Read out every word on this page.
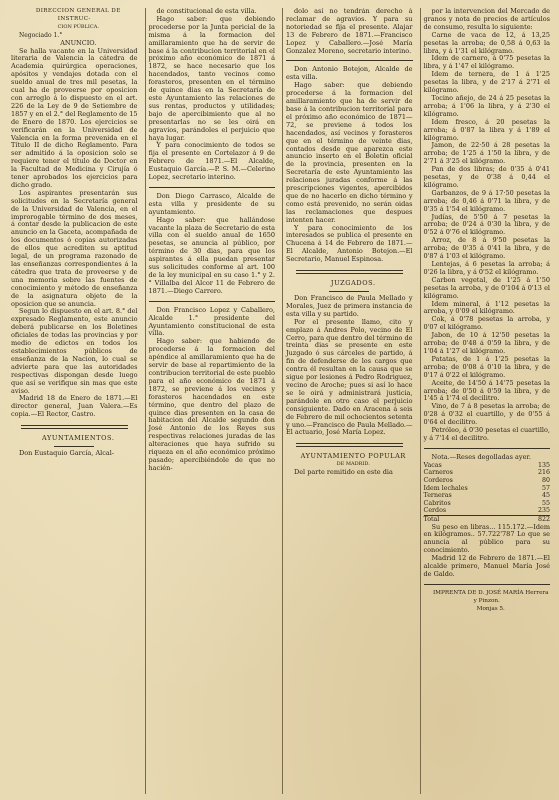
DIRECCION GENERAL DE INSTRUC-

CION PÚBLICA.

Negociado 1.°

ANUNCIO.

Se halla vacante en la Universidad literaria de Valencia la cátedra de Academia quirúrgica operaciones, apósitos y vendajes dotada con el sueldo anual de tres mil pesetas, la cual ha de proveerse por oposicion con arreglo á lo dispuesto en el art. 226 de la Ley de 9 de Setiembre de 1857 y en el 2.° del Reglamento de 15 de Enero de 1870. Los ejercicios se verificarán en la Universidad de Valencia en la forma prevenida en el Título II de dicho Reglamento. Para ser admitido á la oposicion solo se requiere tener el título de Doctor en la Facultad de Medicina y Cirujía ó tener aprobados los ejercicios para dicho grado.

Los aspirantes presentarán sus solicitudes en la Secretaría general de la Universidad de Valencia, en el improrogable término de dos meses, á contar desde la publicacion de este anuncio en la Gaceta, acompañada de los documentos ó copias autorizadas de ellos que acrediten su aptitud legal, de un programa razonado de las enseñanzas correspondientes á la cátedra que trata de proveerse y de una memoria sobre las fuentes de conocimiento y método de enseñanza de la asignatura objeto de la oposicion que se anuncia.

Segun lo dispuesto en el art. 8.° del expresado Reglamento, este anuncio deberá publicarse en los Boletines oficiales de todas las provincias y por medio de edictos en todos los establecimientos públicos de enseñanza de la Nacion, lo cual se advierte para que las autoridades respectivas dispongan desde luego que así se verifique sin mas que este aviso.

Madrid 18 de Enero de 1871.—El director general, Juan Valera.—Es copia.—El Rector, Castro.

AYUNTAMIENTOS.

Don Eustaquio García, Alcal-

de constitucional de esta villa.

Hago saber: que debiendo procederse por la Junta pericial de la misma á la formacion del amillaramiento que ha de servir de base á la contribucion territorial en el próximo año económico de 1871 á 1872, se hace necesario que los hacendados, tanto vecinos como forasteros, presenten en el término de quince dias en la Secretaría de este Ayuntamiento las relaciones de sus rentas, productos y utilidades; bajo de apercibimiento que al no presentarlas no se les oirá en agravios, parándoles el perjuicio que haya lugar.

Y para conocimiento de todos se fija el presente en Cortelazor á 9 de Febrero de 1871.—El Alcalde, Eustaquio García.—P. S. M.—Celerino Lopez, secretario interino.

Don Diego Carrasco, Alcalde de esta villa y presidente de su ayuntamiento.

Hago saber: que hallándose vacante la plaza de Secretario de esta villa con el sueldo anual de 1650 pesetas, se anuncia al público, por término de 30 dias, para que los aspirantes á ella puedan presentar sus solicitudes conforme al art. 100 de la ley municipal en su caso 1.° y 2.° Villalba del Alcor 11 de Febrero de 1871.—Diego Carrero.

Don Francisco Lopez y Caballero, Alcalde 1.° presidente del Ayuntamiento constitucional de esta villa.

Hago saber: que habiendo de procederse á la formacion del apéndice al amillaramiento que ha de servir de base al repartimiento de la contribucion territorial de este pueblo para el año económico de 1871 á 1872, se previene á los vecinos y forasteros hacendados en este término, que dentro del plazo de quince dias presenten en la casa de habitacion del Alcalde segundo don José Antonio de los Reyes sus respectivas relaciones juradas de las alteraciones que haya sufrido su riqueza en el año económico próximo pasado; apercibiéndole de que no hacién-

dolo así no tendrán derecho á reclamar de agravios. Y para su notoriedad se fija el presente. Alajar 13 de Febrero de 1871.—Francisco Lopez y Caballero.—José María Gonzalez Moreno, secretario interino.

Don Antonio Botejon, Alcalde de esta villa.

Hago saber: que debiendo procederse á la formacion del amillaramiento que ha de servir de base á la contribucion territorial para el próximo año económico de 1871—72, se previene á todos los hacendados, así vecinos y forasteros que en el término de veinte dias, contados desde que aparezca este anuncio inserto en el Boletin oficial de la provincia, presenten en la Secretaría de este Ayuntamiento las relaciones juradas conforme á las prescripciones vigentes, apercibidos que de no hacerlo en dicho término y como está prevenido, no serán oidas las reclamaciones que despues intenten hacer.

Y para conocimiento de los interesados se publica el presente en Chucena á 14 de Febrero de 1871.—El Alcalde, Antonio Botejon.—El Secretario, Manuel Espinosa.

JUZGADOS.

Don Francisco de Paula Mellado y Morales, Juez de primera instancia de esta villa y su partido.

Por el presente llamo, cito y emplazo á Andres Polo, vecino de El Cerro, para que dentro del término de treinta dias se presente en este Juzgado ó sus cárceles de partido, á fin de defenderse de los cargos que contra él resultan en la causa que se sigue por lesiones á Pedro Rodriguez, vecino de Aroche; pues si así lo hace se le oirá y administrará justicia, parándole en otro caso el perjuicio consiguiente. Dado en Aracena á seis de Febrero de mil ochocientos setenta y uno.—Francisco de Paula Mellado.—El actuario, José María Lopez.

AYUNTAMIENTO POPULAR

DE MADRID.

Del parte remitido en este dia

por la intervencion del Mercado de granos y nota de precios de artículos de consumo, resulta lo siguiente:

Carne de vaca de 12, á 13,25 pesetas la arroba; de 0,58 á 0,63 la libra, y á 1'31 el kilógramo.

Idem de carnero, á 0'75 pesetas la libra, y á 1'47 el kilógramo.

Idem de ternera, de 1 á 1'25 pesetas la libra, y de 2'17 á 2'71 el kilógramo.

Tocino añejo, de 24 á 25 pesetas la arroba; á 1'06 la libra, y á 2'30 el kilógramo.

Idem fresco, á 20 pesetas la arroba; á 0'87 la libra y á 1'89 el kilógramo.

Jamon, de 22·50 á 28 pesetas la arroba; de 1'25 á 1'50 la libra, y de 2'71 á 3'25 el kilógramo.

Pan de dos libras; de 0'35 á 0'41 pesetas, y de 0'38 á 0,44 el kilógramo.

Garbanzos, de 9 á 17·50 pesetas la arroba; de 0,46 á 0'71 la libra, y de 0'35 á 1'54 el kilógramo.

Judías, de 5'50 á 7 pesetas la arroba; de 0'24 á 0'30 la libra, y de 0'52 á 0'76 el kilógramo.

Arroz, de 8 á 9'50 pesetas la arroba; de 0'35 á 0'41 la libra, y de 0'87 á 1'03 el kilógramo.

Lentejas, á 6 pesetas la arroba; á 0'26 la libra, y á 0'52 el kilógramo.

Carbon vegetal, de 1'25 á 1'50 pesetas la arroba, y de 0'104 á 0'13 el kilógramo.

Idem mineral, á 1'12 pesetas la arroba, y 0'09 el kilógramo.

Cok, á 0'78 pesetas la arroba, y 0'07 el kilógramo.

Jabon, de 10 á 12'50 pesetas la arroba; de 0'48 á 0'59 la libra, y de 1'04 á 1'27 el kilógramo.

Patatas, de 1 á 1'25 pesetas la arroba; de 0'08 á 0'10 la libra, y de 0'17 á 0'22 el kilógramo.

Aceite, de 14'50 á 14'75 pesetas la arroba; de 0'50 á 0'59 la libra, y de 1'45 á 1'74 el decilitro.

Vino, de 7 á 8 pesetas la arroba; de 0'28 á 0'32 el cuartillo, y de 0'55 á 0'64 el decilitro.

Petróleo, á 0'30 pesetas el cuartillo, y á 7'14 el decilitro.

Nota.—Reses degolladas ayer.

Vacas	135
Carneros	216
Corderos	80
Idem lechales	57
Terneras	45
Cabritos	55
Cerdos	235
Total	822

Su peso en libras... 115.172.—Idem en kilógramos.. 57.722'787 Lo que se anuncia al público para su conocimiento.

Madrid 12 de Febrero de 1871.—El alcalde primero, Manuel María José de Galdo.

IMPRENTA DE D. JOSÉ MARÍA Herrera y Pinzon.

Monjas 5.
